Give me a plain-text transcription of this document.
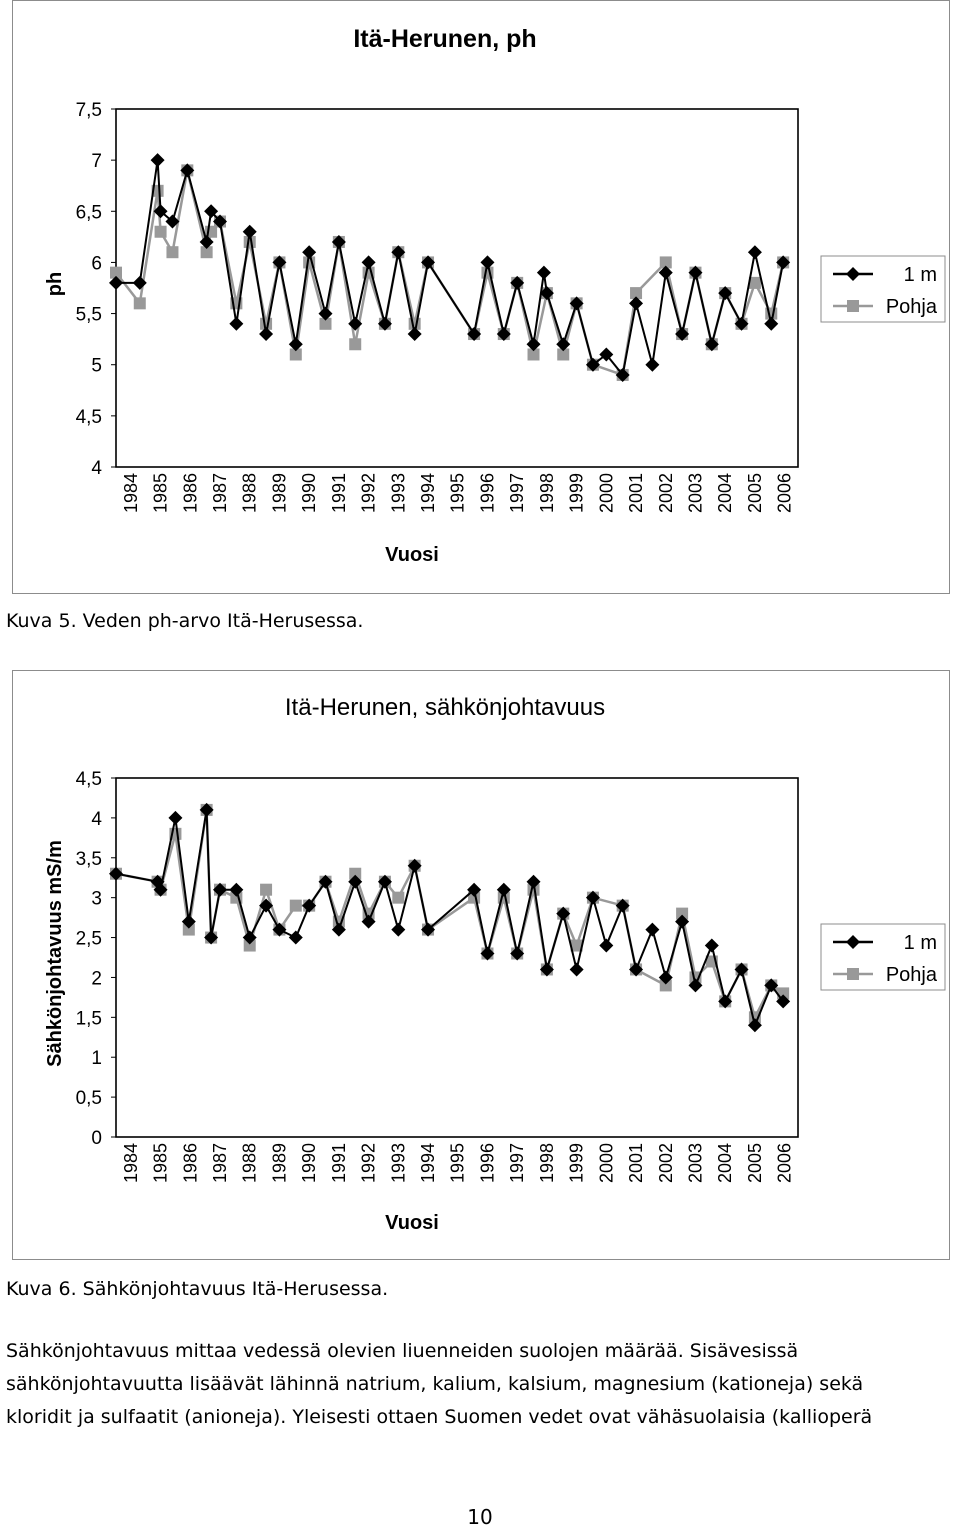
Itä-Herunen, ph
ph
4
4,5
5
5,5
6
6,5
7
7,5
1984 1985 1986 1987 1988 1989 1990 1991 1992 1993 1994 1995 1996 1997 1998 1999 2000 2001 2002 2003 2004 2005 2006
Vuosi
1 m
Pohja
Kuva 5. Veden ph-arvo Itä-Herusessa.
Itä-Herunen, sähkönjohtavuus
Sähkönjohtavuus mS/m
0
0,5
1
1,5
2
2,5
3
3,5
4
4,5
1984 1985 1986 1987 1988 1989 1990 1991 1992 1993 1994 1995 1996 1997 1998 1999 2000 2001 2002 2003 2004 2005 2006
Vuosi
1 m
Pohja
Kuva 6. Sähkönjohtavuus Itä-Herusessa.
Sähkönjohtavuus mittaa vedessä olevien liuenneiden suolojen määrää. Sisävesissä
sähkönjohtavuutta lisäävät lähinnä natrium, kalium, kalsium, magnesium (kationeja) sekä
kloridit ja sulfaatit (anioneja). Yleisesti ottaen Suomen vedet ovat vähäsuolaisia (kallioperä
10
